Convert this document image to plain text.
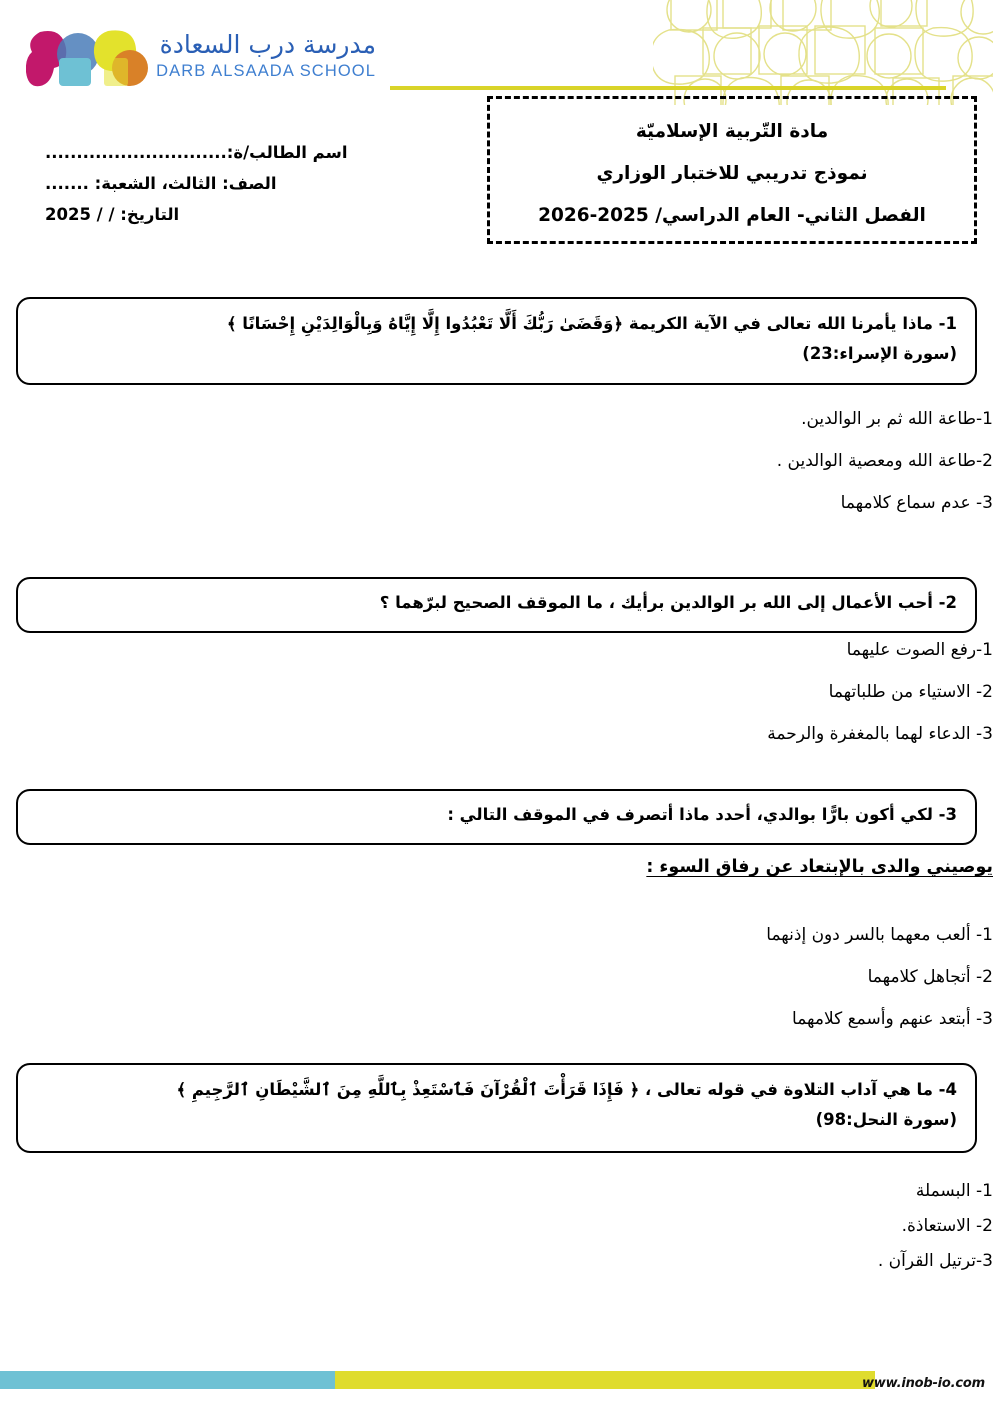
مدرسة درب السعادة
DARB ALSAADA SCHOOL
اسم الطالب/ة:.............................
الصف: الثالث، الشعبة: .......
التاريخ: / / 2025
مادة التّربية الإسلاميّة
نموذج تدريبي للاختبار الوزاري
الفصل الثاني- العام الدراسي/ 2025-2026
1- ماذا يأمرنا الله تعالى في الآية الكريمة ﴿وَقَضَىٰ رَبُّكَ أَلَّا تَعْبُدُوا إِلَّا إِيَّاهُ وَبِالْوَالِدَيْنِ إِحْسَانًا ﴾
(سورة الإسراء:23)
1-طاعة الله ثم بر الوالدين.
2-طاعة الله ومعصية الوالدين .
3- عدم سماع كلامهما
2- أحب الأعمال إلى الله بر الوالدين برأيك ، ما الموقف الصحيح لبرّهما ؟
1-رفع الصوت عليهما
2- الاستياء من طلباتهما
3- الدعاء لهما بالمغفرة والرحمة
3- لكي أكون بارًّا بوالدي، أحدد ماذا أتصرف في الموقف التالي :
يوصيني والدى بالإبتعاد عن رفاق السوء :
1- ألعب معهما بالسر دون إذنهما
2- أتجاهل كلامهما
3- أبتعد عنهم وأسمع كلامهما
4- ما هي آداب التلاوة في قوله تعالى ، ﴿ فَإِذَا قَرَأْتَ ٱلْقُرْآنَ فَٱسْتَعِذْ بِٱللَّهِ مِنَ ٱلشَّيْطَانِ ٱلرَّجِيمِ ﴾
(سورة النحل:98)
1- البسملة
2- الاستعاذة.
3-ترتيل القرآن .
www.inob-io.com
